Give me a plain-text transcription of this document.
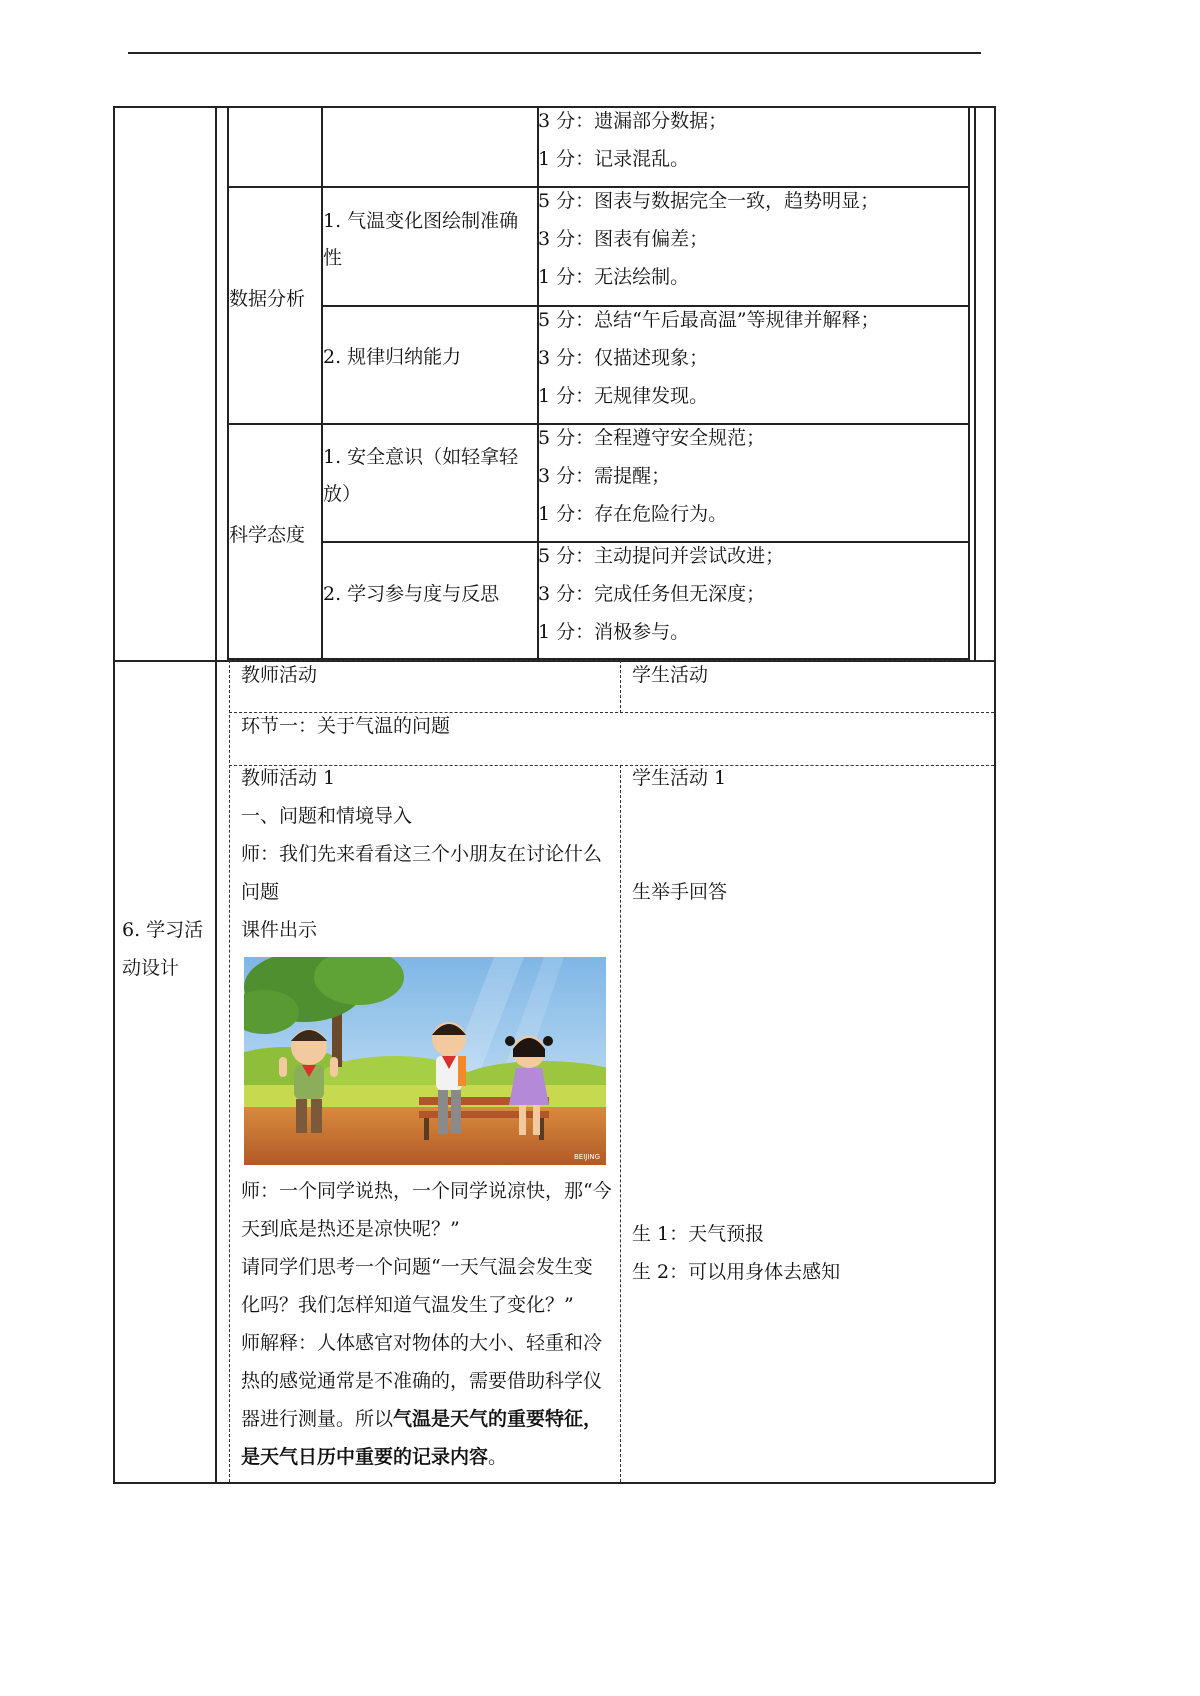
3 分：遗漏部分数据；
1 分：记录混乱。
数据分析
1. 气温变化图绘制准确
性
5 分：图表与数据完全一致，趋势明显；
3 分：图表有偏差；
1 分：无法绘制。
2. 规律归纳能力
5 分：总结“午后最高温”等规律并解释；
3 分：仅描述现象；
1 分：无规律发现。
科学态度
1. 安全意识（如轻拿轻
放）
5 分：全程遵守安全规范；
3 分：需提醒；
1 分：存在危险行为。
2. 学习参与度与反思
5 分：主动提问并尝试改进；
3 分：完成任务但无深度；
1 分：消极参与。
6. 学习活
动设计
教师活动	学生活动
环节一：关于气温的问题
教师活动 1
一、问题和情境导入
师：我们先来看看这三个小朋友在讨论什么
问题
课件出示
BEIJING
师：一个同学说热，一个同学说凉快，那“今
天到底是热还是凉快呢？”
请同学们思考一个问题“一天气温会发生变
化吗？我们怎样知道气温发生了变化？”
师解释：人体感官对物体的大小、轻重和冷
热的感觉通常是不准确的，需要借助科学仪
器进行测量。所以气温是天气的重要特征，
是天气日历中重要的记录内容。
学生活动 1
生举手回答
生 1：天气预报
生 2：可以用身体去感知
